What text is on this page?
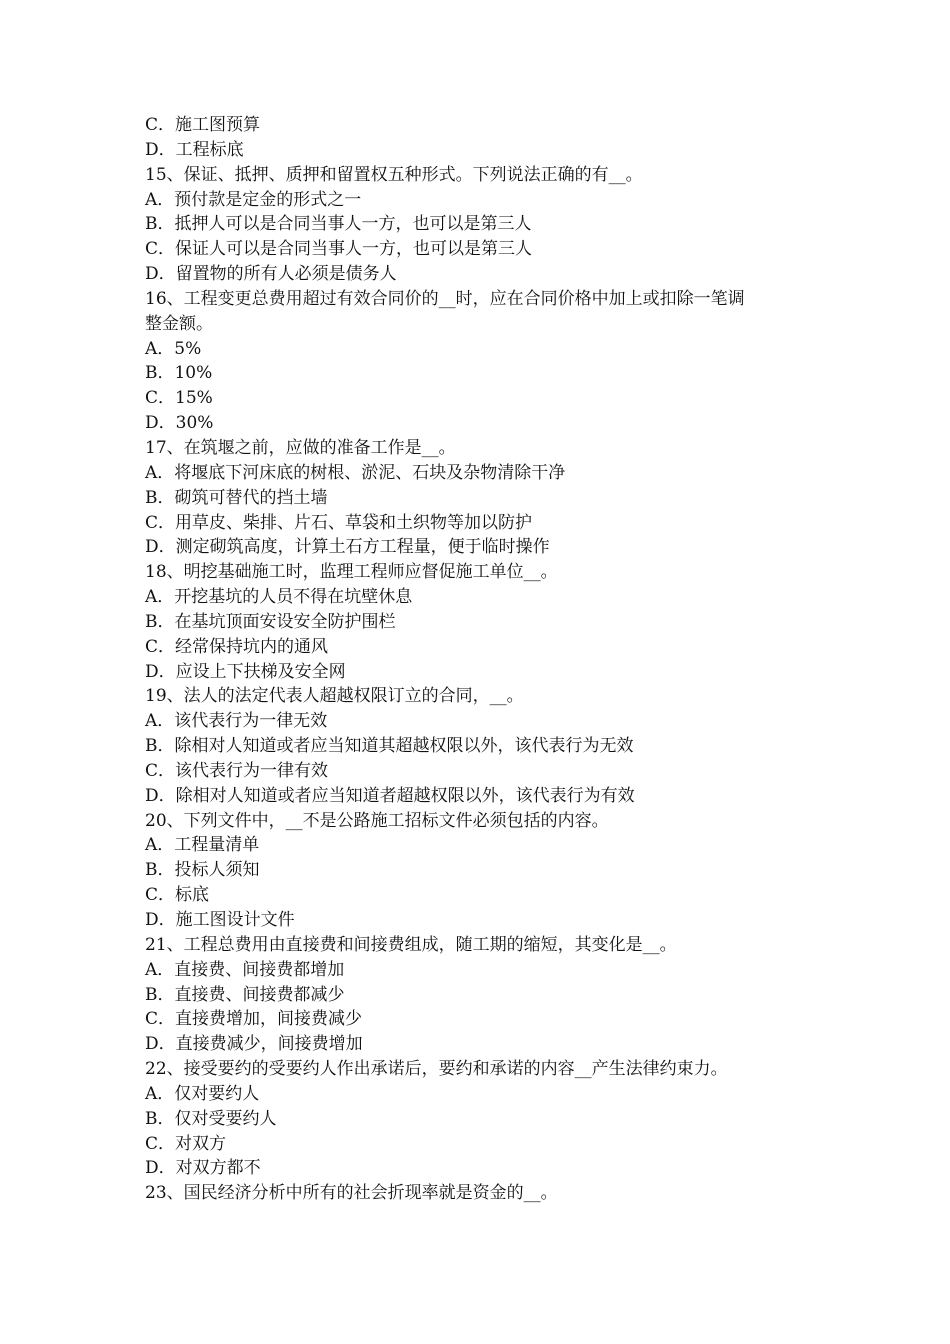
C．施工图预算
D．工程标底
15、保证、抵押、质押和留置权五种形式。下列说法正确的有__。
A．预付款是定金的形式之一
B．抵押人可以是合同当事人一方，也可以是第三人
C．保证人可以是合同当事人一方，也可以是第三人
D．留置物的所有人必须是债务人
16、工程变更总费用超过有效合同价的__时，应在合同价格中加上或扣除一笔调
整金额。
A．5%
B．10%
C．15%
D．30%
17、在筑堰之前，应做的准备工作是__。
A．将堰底下河床底的树根、淤泥、石块及杂物清除干净
B．砌筑可替代的挡土墙
C．用草皮、柴排、片石、草袋和土织物等加以防护
D．测定砌筑高度，计算土石方工程量，便于临时操作
18、明挖基础施工时，监理工程师应督促施工单位__。
A．开挖基坑的人员不得在坑壁休息
B．在基坑顶面安设安全防护围栏
C．经常保持坑内的通风
D．应设上下扶梯及安全网
19、法人的法定代表人超越权限订立的合同，__。
A．该代表行为一律无效
B．除相对人知道或者应当知道其超越权限以外，该代表行为无效
C．该代表行为一律有效
D．除相对人知道或者应当知道者超越权限以外，该代表行为有效
20、下列文件中，__不是公路施工招标文件必须包括的内容。
A．工程量清单
B．投标人须知
C．标底
D．施工图设计文件
21、工程总费用由直接费和间接费组成，随工期的缩短，其变化是__。
A．直接费、间接费都增加
B．直接费、间接费都减少
C．直接费增加，间接费减少
D．直接费减少，间接费增加
22、接受要约的受要约人作出承诺后，要约和承诺的内容__产生法律约束力。
A．仅对要约人
B．仅对受要约人
C．对双方
D．对双方都不
23、国民经济分析中所有的社会折现率就是资金的__。
